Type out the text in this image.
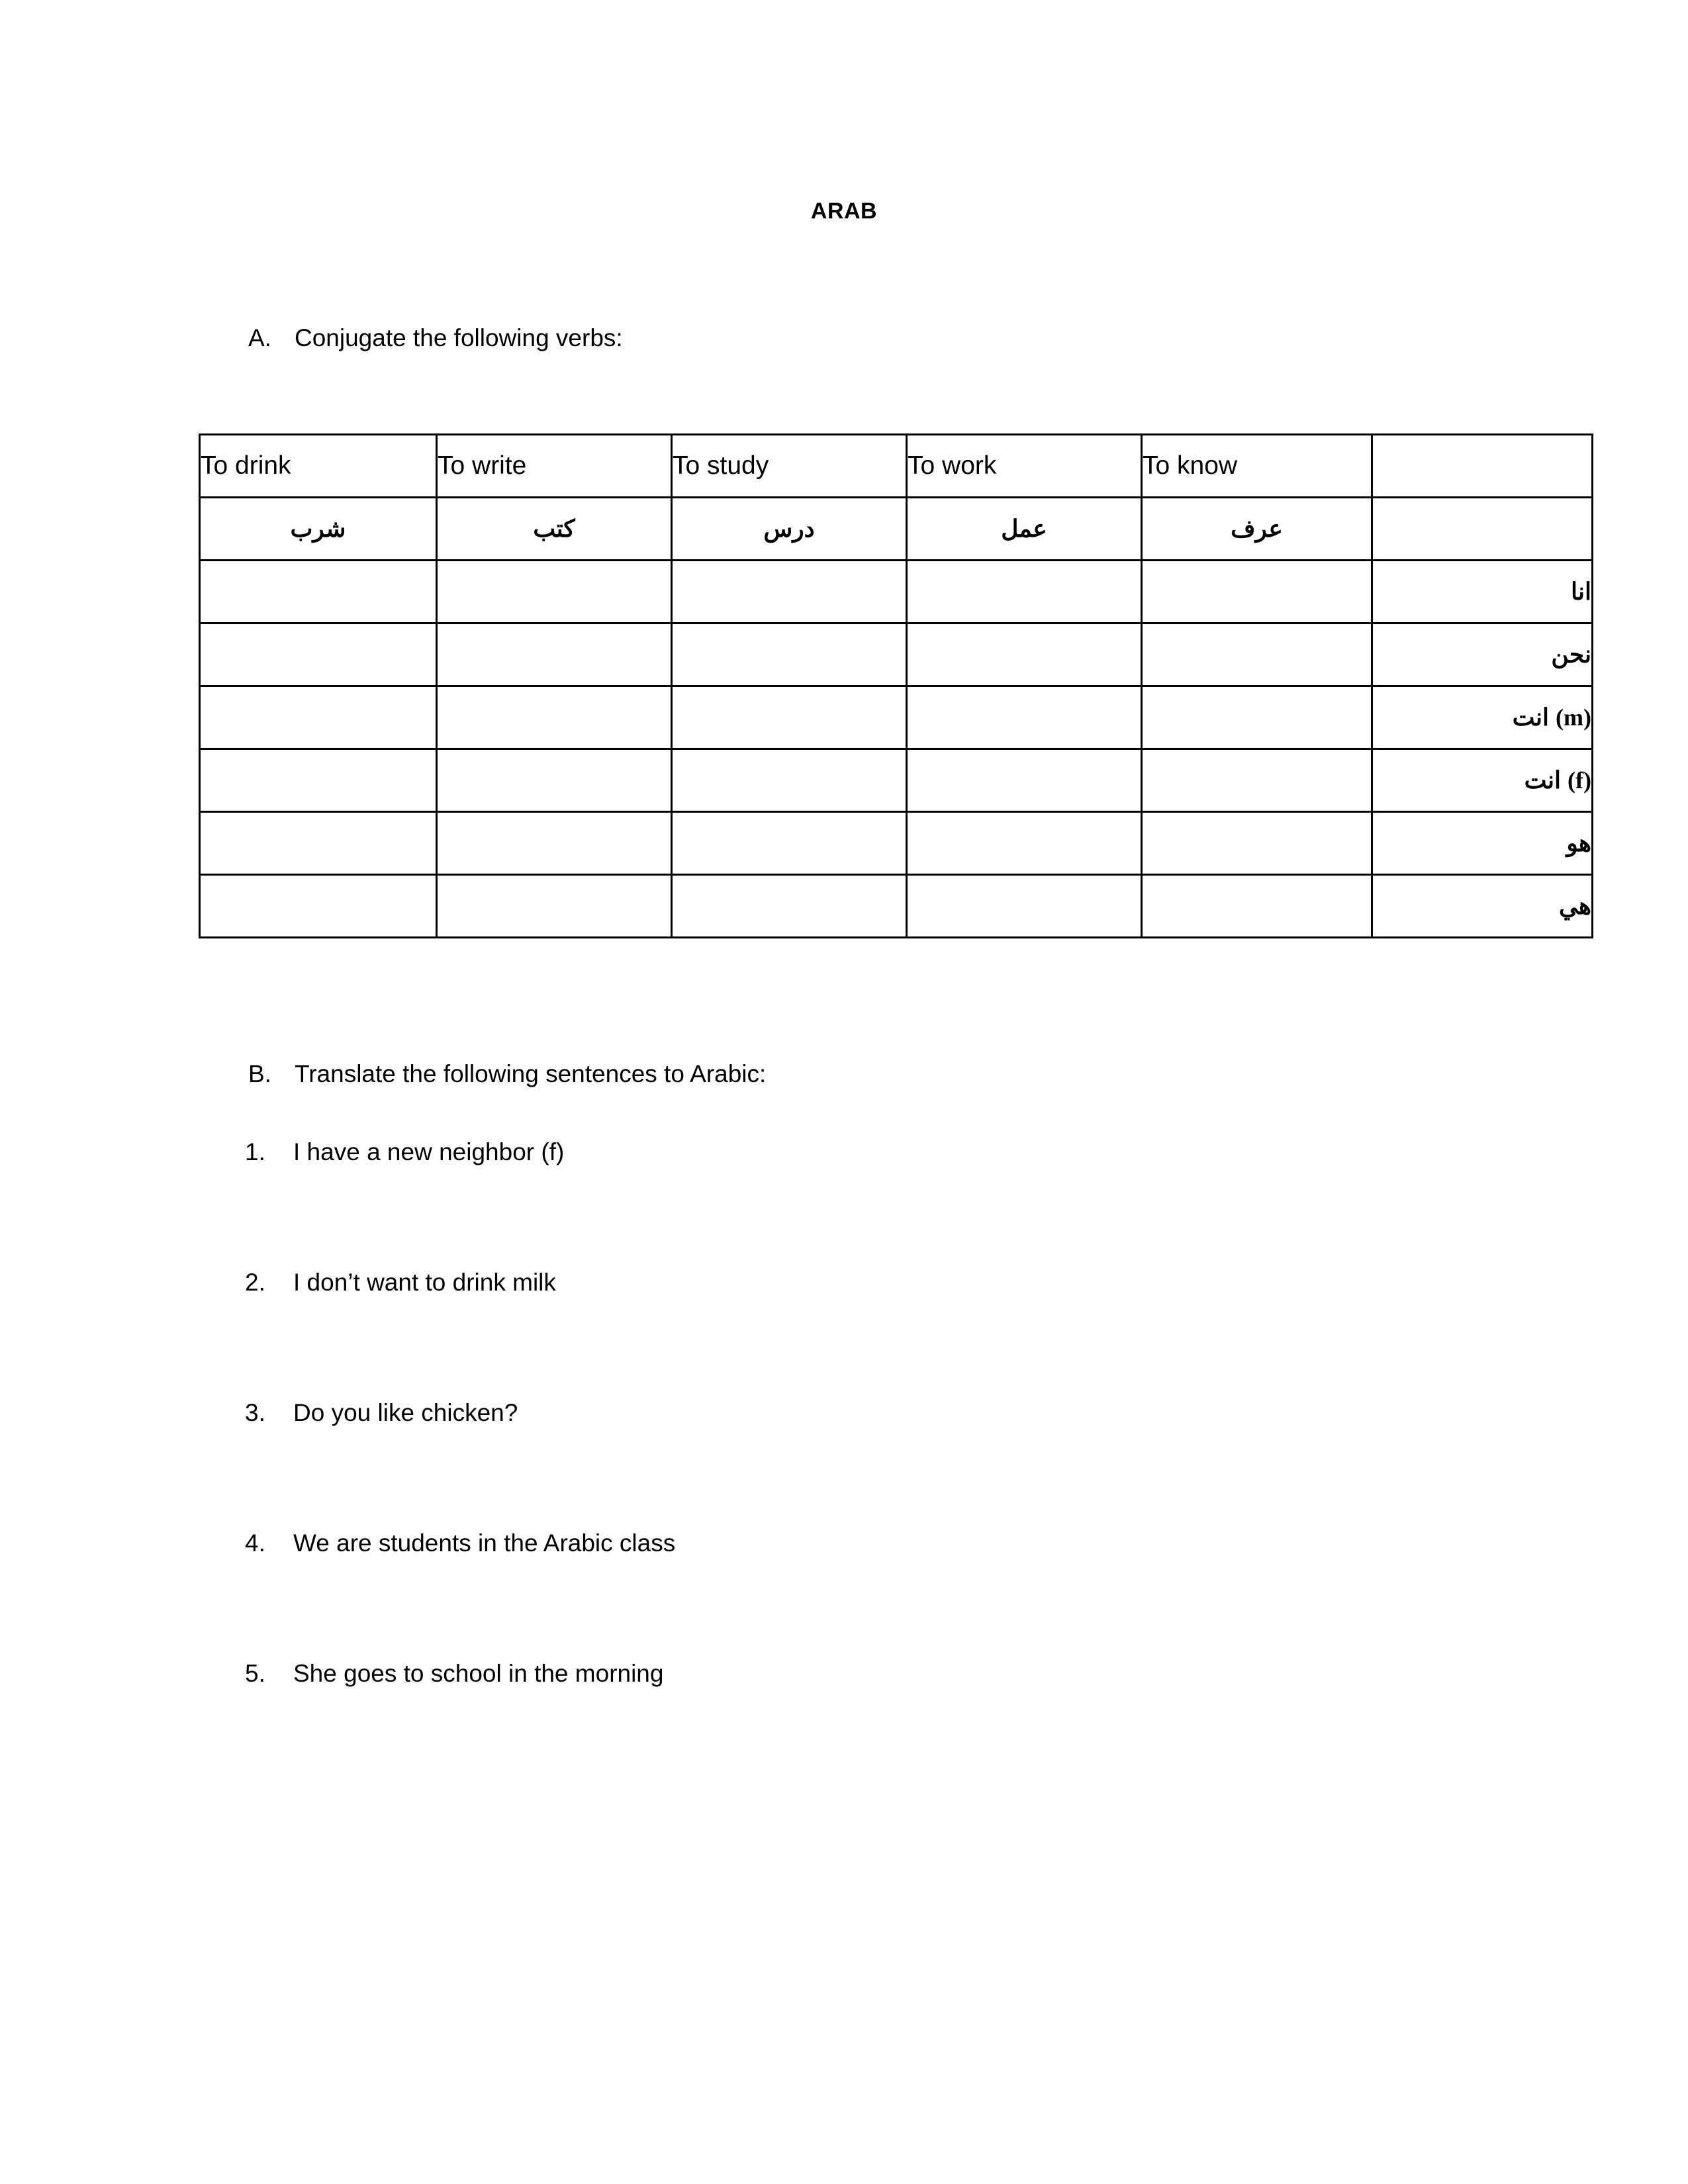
ARAB
A. Conjugate the following verbs:
To drink	To write	To study	To work	To know	
شرب	كتب	درس	عمل	عرف	
					انا
					نحن
					(m) انت
					(f) انت
					هو
					هي
B. Translate the following sentences to Arabic:
1. I have a new neighbor (f)
2. I don’t want to drink milk
3. Do you like chicken?
4. We are students in the Arabic class
5. She goes to school in the morning
